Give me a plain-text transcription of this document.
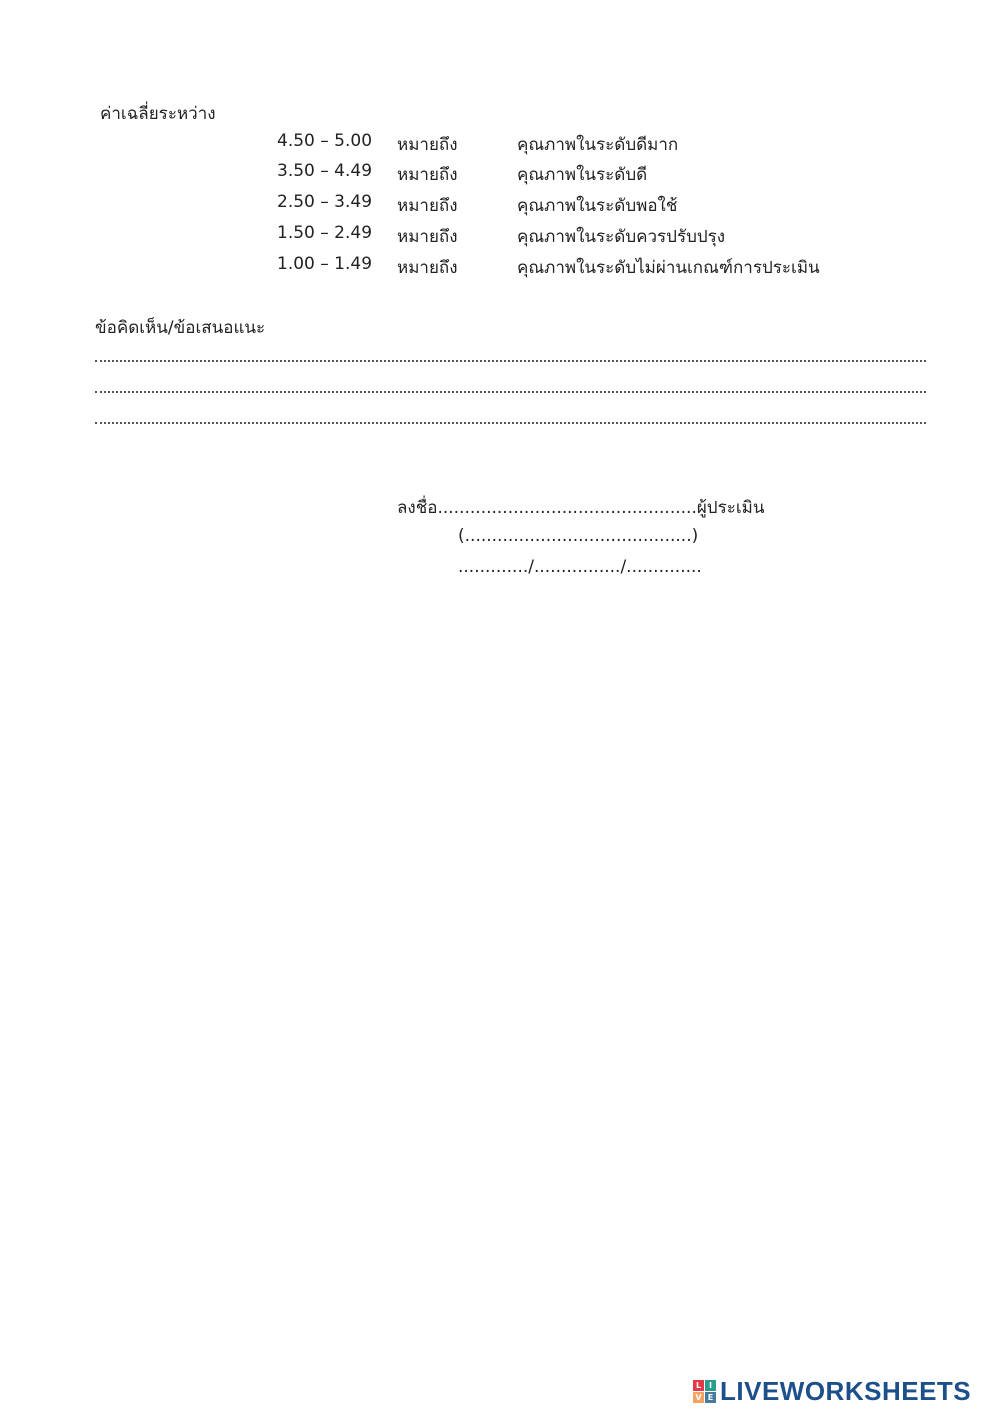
ค่าเฉลี่ยระหว่าง
4.50 – 5.00 หมายถึง	คุณภาพในระดับดีมาก
3.50 – 4.49 หมายถึง	คุณภาพในระดับดี
2.50 – 3.49 หมายถึง	คุณภาพในระดับพอใช้
1.50 – 2.49 หมายถึง	คุณภาพในระดับควรปรับปรุง
1.00 – 1.49 หมายถึง	คุณภาพในระดับไม่ผ่านเกณฑ์การประเมิน
ข้อคิดเห็น/ข้อเสนอแนะ
ลงชื่อ................................................ผู้ประเมิน
(..........................................)
............./................/..............
L I
V E LIVEWORKSHEETS
